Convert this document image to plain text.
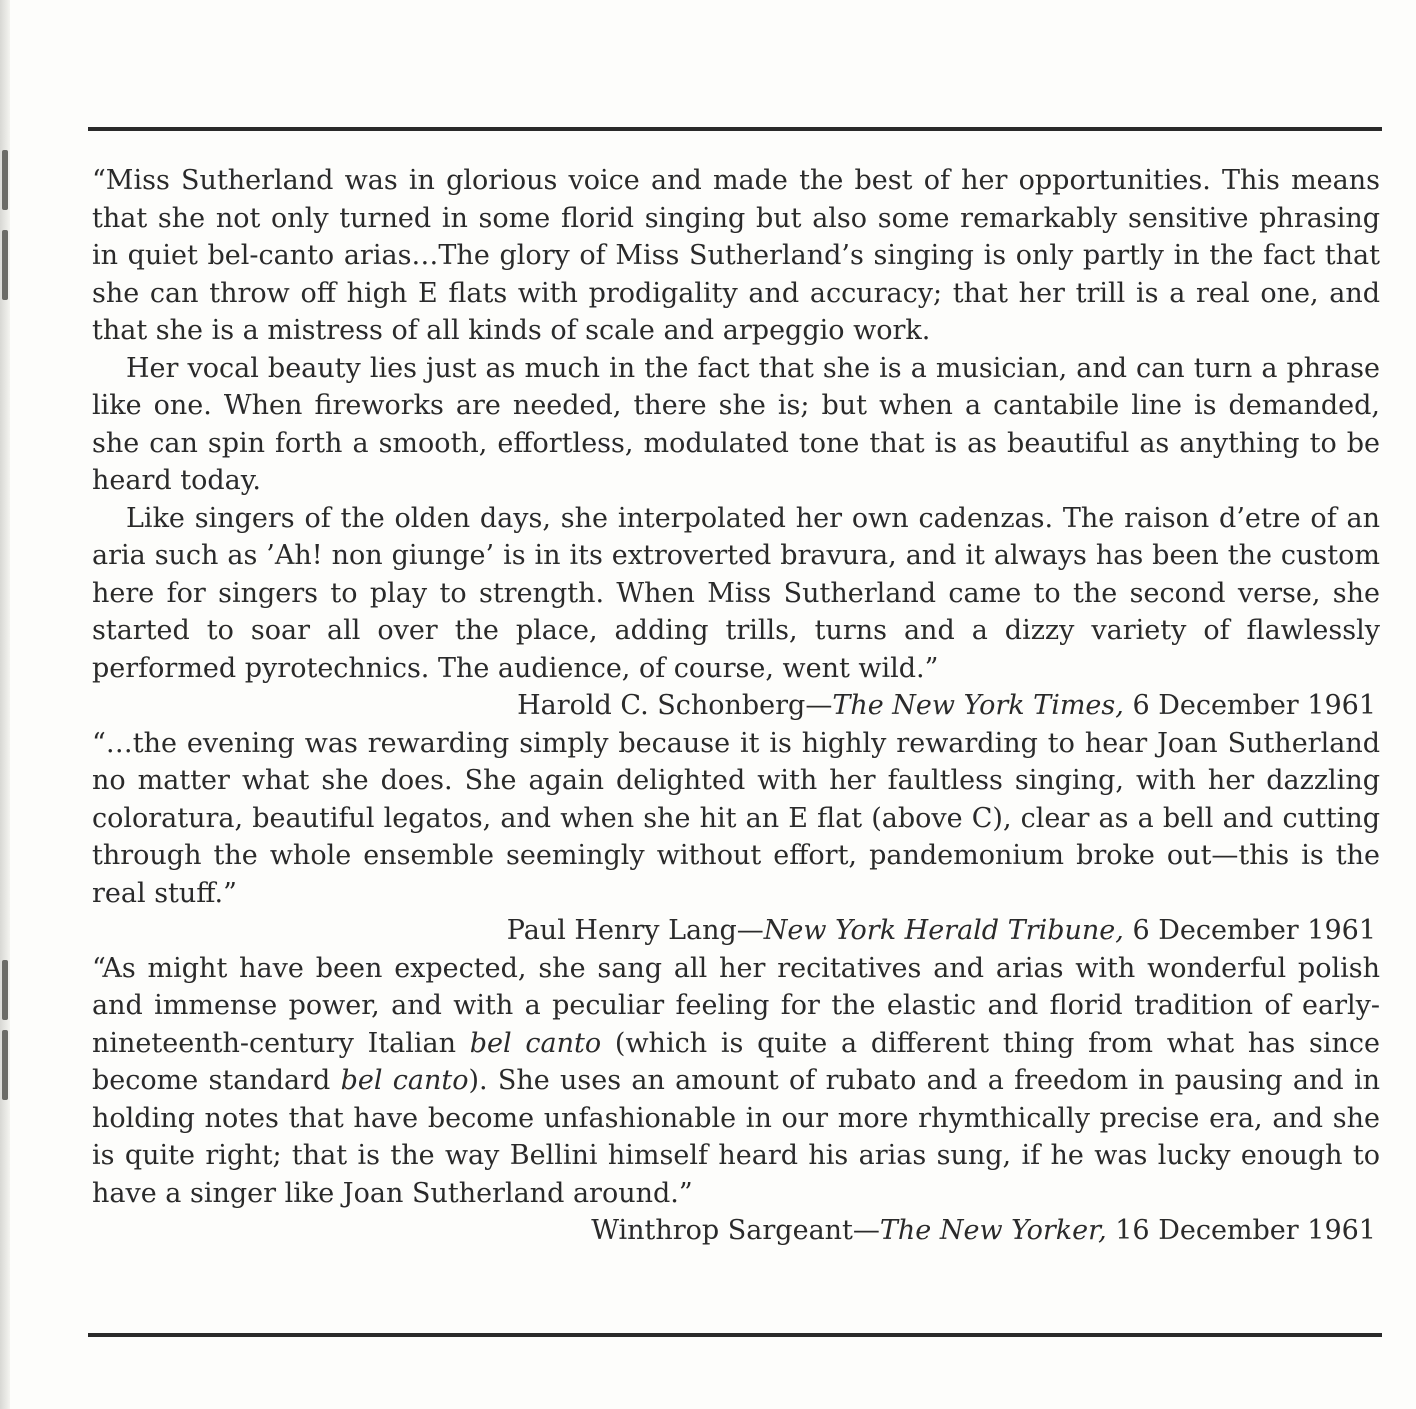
“Miss Sutherland was in glorious voice and made the best of her opportunities. This means that she not only turned in some florid singing but also some remarkably sensitive phrasing in quiet bel-canto arias…The glory of Miss Sutherland’s singing is only partly in the fact that she can throw off high E flats with prodigality and accuracy; that her trill is a real one, and that she is a mistress of all kinds of scale and arpeggio work.

Her vocal beauty lies just as much in the fact that she is a musician, and can turn a phrase like one. When fireworks are needed, there she is; but when a cantabile line is demanded, she can spin forth a smooth, effortless, modulated tone that is as beautiful as anything to be heard today.

Like singers of the olden days, she interpolated her own cadenzas. The raison d’etre of an aria such as ’Ah! non giunge’ is in its extroverted bravura, and it always has been the custom here for singers to play to strength. When Miss Sutherland came to the second verse, she started to soar all over the place, adding trills, turns and a dizzy variety of flawlessly performed pyrotechnics. The audience, of course, went wild.”

Harold C. Schonberg—The New York Times, 6 December 1961

“…the evening was rewarding simply because it is highly rewarding to hear Joan Sutherland no matter what she does. She again delighted with her faultless singing, with her dazzling coloratura, beautiful legatos, and when she hit an E flat (above C), clear as a bell and cutting through the whole ensemble seemingly without effort, pandemonium broke out—this is the real stuff.”

Paul Henry Lang—New York Herald Tribune, 6 December 1961

“As might have been expected, she sang all her recitatives and arias with wonderful polish and immense power, and with a peculiar feeling for the elastic and florid tradition of early-nineteenth-century Italian bel canto (which is quite a different thing from what has since become standard bel canto). She uses an amount of rubato and a freedom in pausing and in holding notes that have become unfashionable in our more rhymthically precise era, and she is quite right; that is the way Bellini himself heard his arias sung, if he was lucky enough to have a singer like Joan Sutherland around.”

Winthrop Sargeant—The New Yorker, 16 December 1961
